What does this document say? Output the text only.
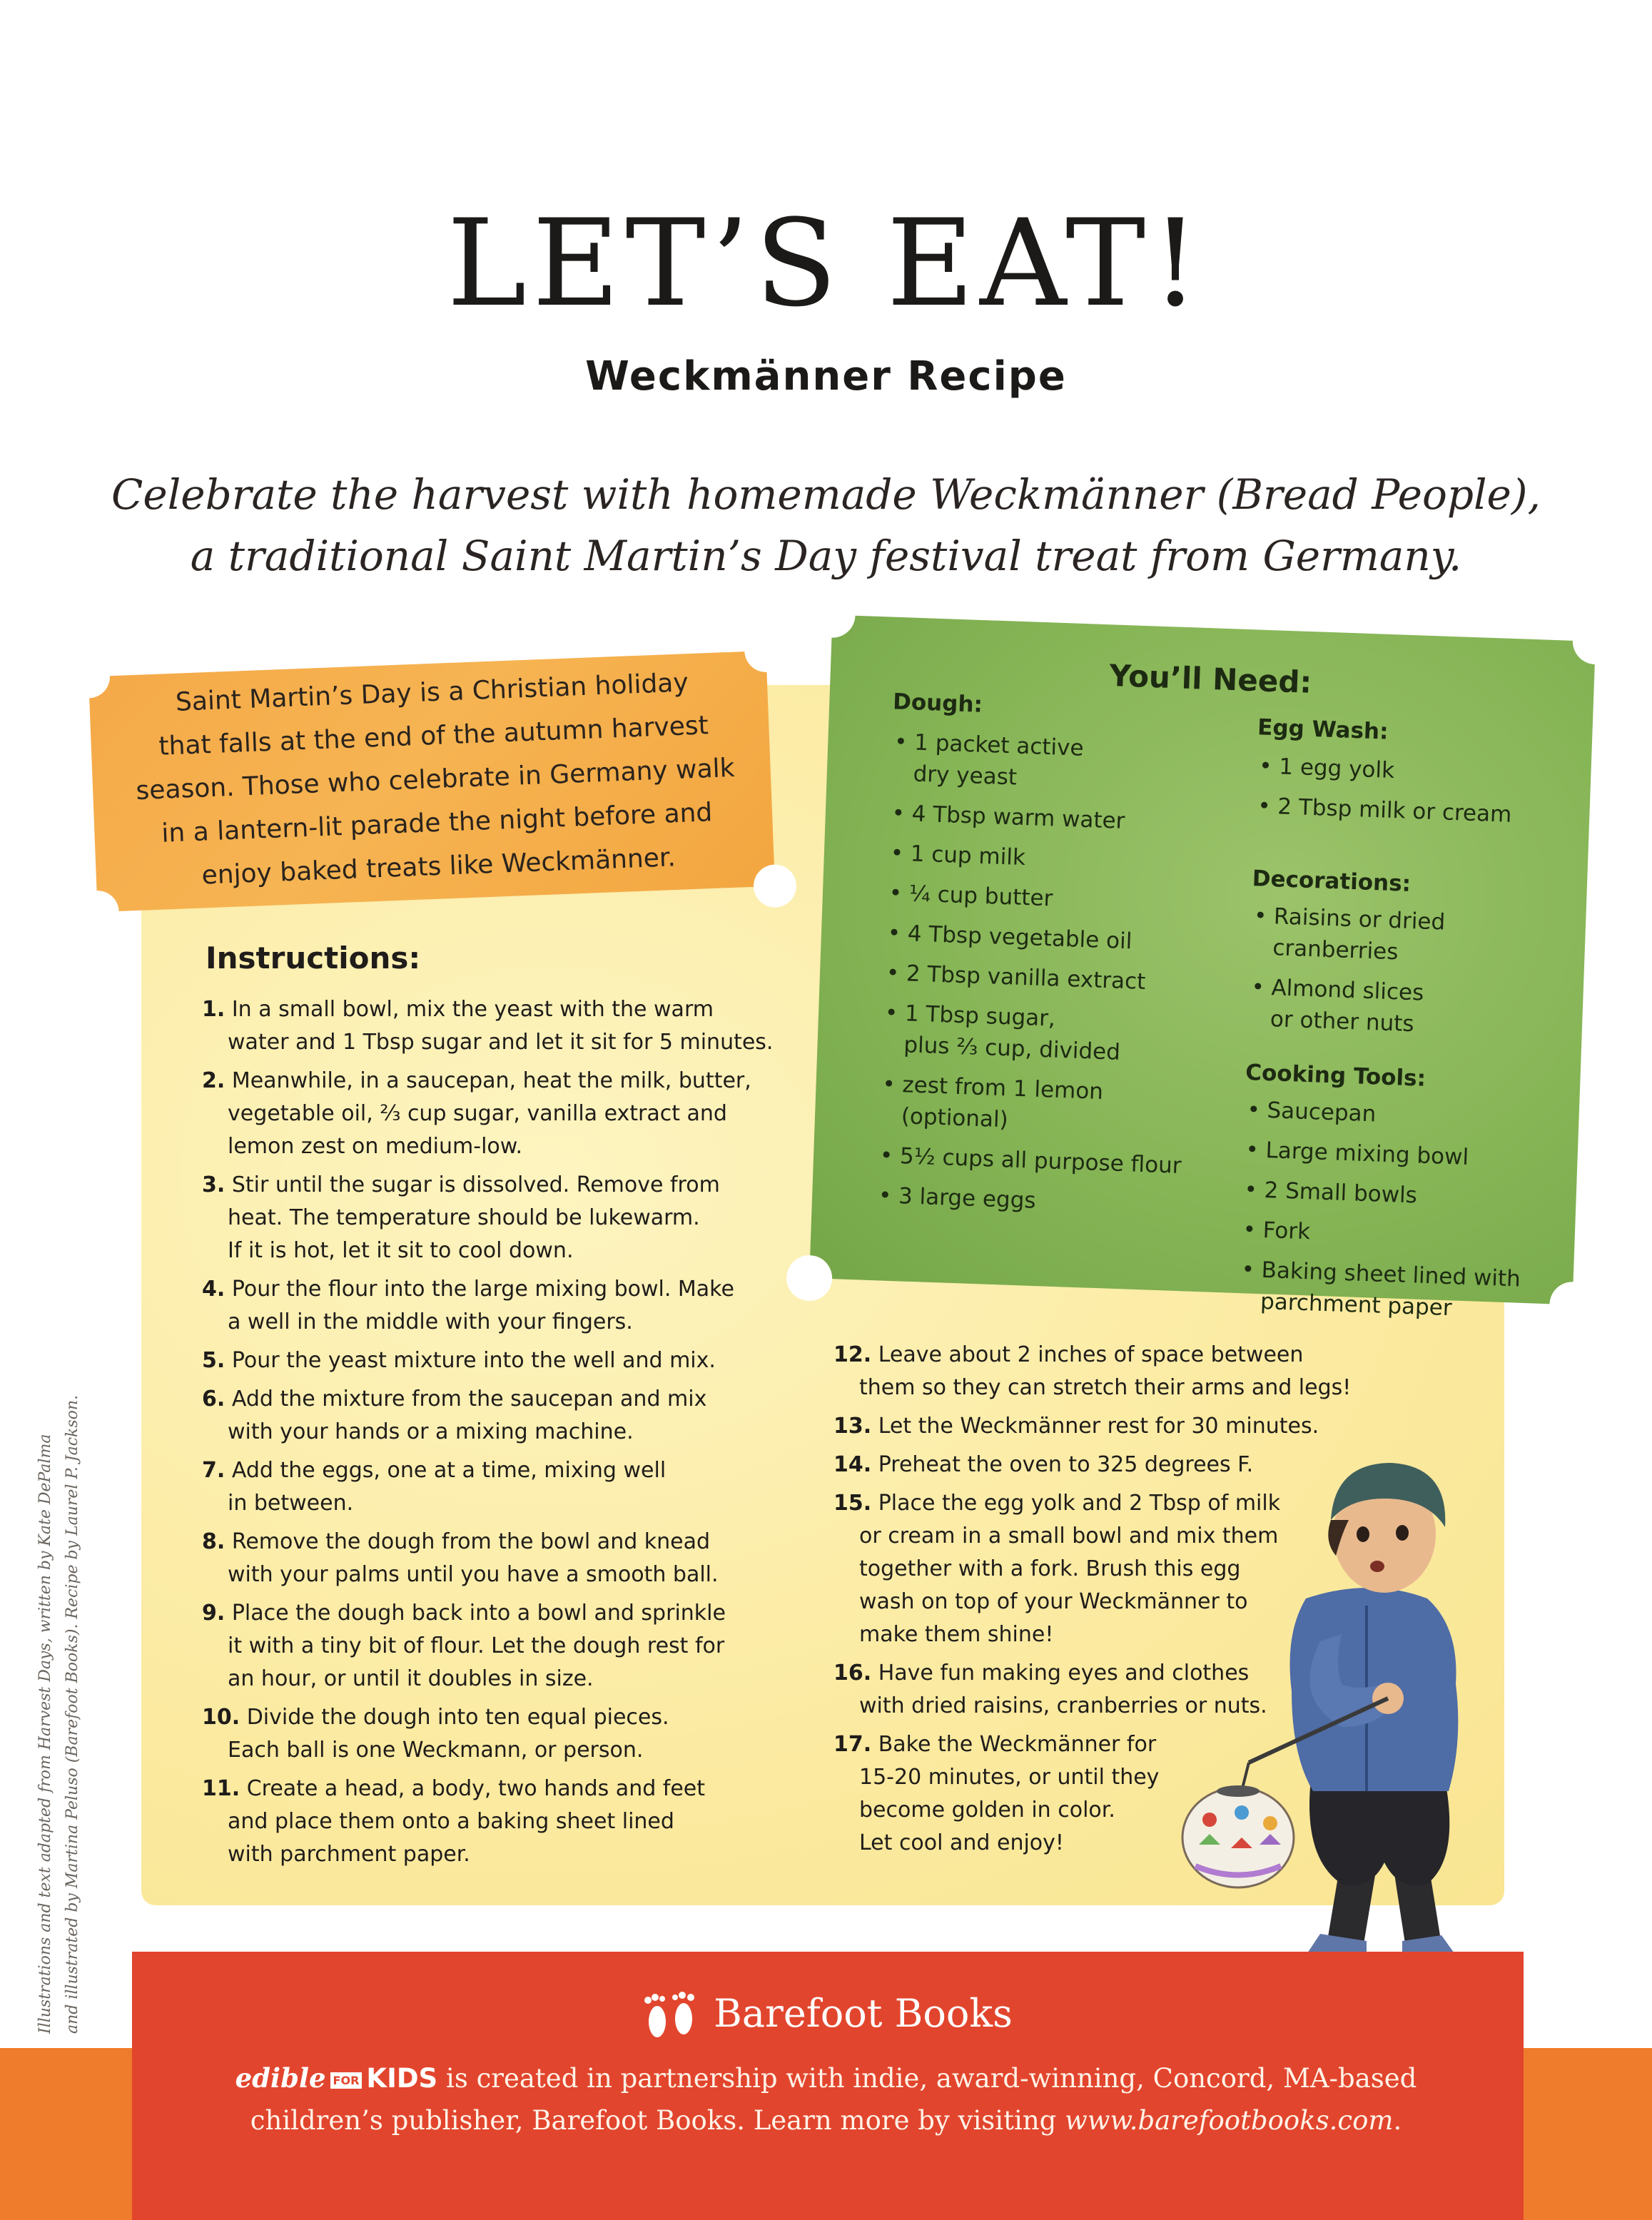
LET’S EAT!
Weckmänner Recipe
Celebrate the harvest with homemade Weckmänner (Bread People),
a traditional Saint Martin’s Day festival treat from Germany.
Saint Martin’s Day is a Christian holiday
that falls at the end of the autumn harvest
season. Those who celebrate in Germany walk
in a lantern-lit parade the night before and
enjoy baked treats like Weckmänner.
You’ll Need:
Dough:
• 1 packet active
dry yeast
• 4 Tbsp warm water
• 1 cup milk
• ¼ cup butter
• 4 Tbsp vegetable oil
• 2 Tbsp vanilla extract
• 1 Tbsp sugar,
plus ⅔ cup, divided
• zest from 1 lemon
(optional)
• 5½ cups all purpose flour
• 3 large eggs
Egg Wash:
• 1 egg yolk
• 2 Tbsp milk or cream
Decorations:
• Raisins or dried
cranberries
• Almond slices
or other nuts
Cooking Tools:
• Saucepan
• Large mixing bowl
• 2 Small bowls
• Fork
• Baking sheet lined with
parchment paper
Instructions:
1. In a small bowl, mix the yeast with the warm
water and 1 Tbsp sugar and let it sit for 5 minutes.
2. Meanwhile, in a saucepan, heat the milk, butter,
vegetable oil, ⅔ cup sugar, vanilla extract and
lemon zest on medium-low.
3. Stir until the sugar is dissolved. Remove from
heat. The temperature should be lukewarm.
If it is hot, let it sit to cool down.
4. Pour the flour into the large mixing bowl. Make
a well in the middle with your fingers.
5. Pour the yeast mixture into the well and mix.
6. Add the mixture from the saucepan and mix
with your hands or a mixing machine.
7. Add the eggs, one at a time, mixing well
in between.
8. Remove the dough from the bowl and knead
with your palms until you have a smooth ball.
9. Place the dough back into a bowl and sprinkle
it with a tiny bit of flour. Let the dough rest for
an hour, or until it doubles in size.
10. Divide the dough into ten equal pieces.
Each ball is one Weckmann, or person.
11. Create a head, a body, two hands and feet
and place them onto a baking sheet lined
with parchment paper.
12. Leave about 2 inches of space between
them so they can stretch their arms and legs!
13. Let the Weckmänner rest for 30 minutes.
14. Preheat the oven to 325 degrees F.
15. Place the egg yolk and 2 Tbsp of milk
or cream in a small bowl and mix them
together with a fork. Brush this egg
wash on top of your Weckmänner to
make them shine!
16. Have fun making eyes and clothes
with dried raisins, cranberries or nuts.
17. Bake the Weckmänner for
15-20 minutes, or until they
become golden in color.
Let cool and enjoy!
Illustrations and text adapted from Harvest Days, written by Kate DePalma and illustrated by Martina Peluso (Barefoot Books). Recipe by Laurel P. Jackson.	Barefoot Books
edible FOR KIDS is created in partnership with indie, award-winning, Concord, MA-based
children’s publisher, Barefoot Books. Learn more by visiting www.barefootbooks.com.
